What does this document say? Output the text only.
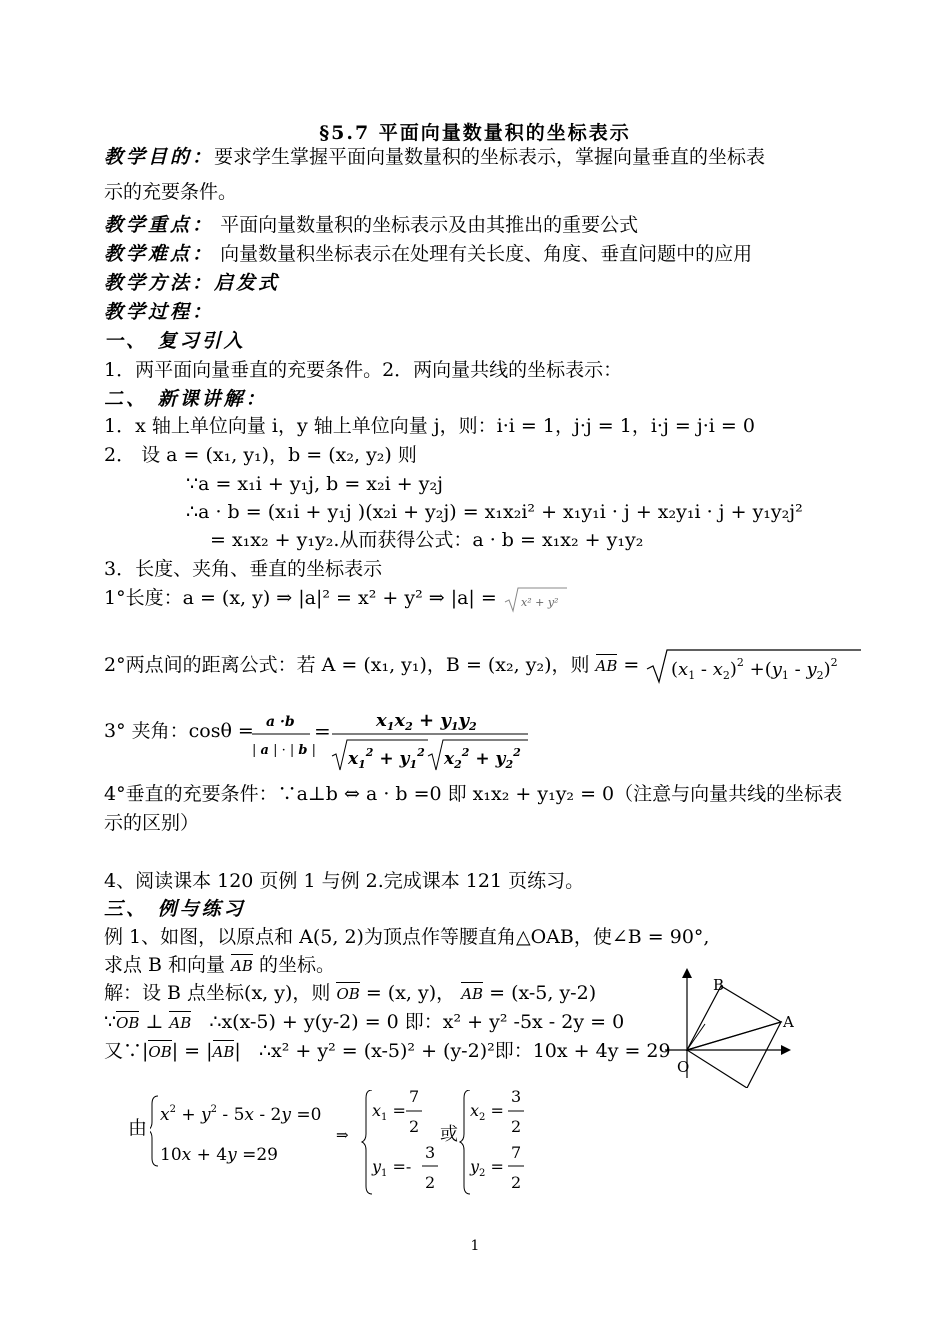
§5.7 平面向量数量积的坐标表示
教学目的：要求学生掌握平面向量数量积的坐标表示，掌握向量垂直的坐标表
示的充要条件。
教学重点： 平面向量数量积的坐标表示及由其推出的重要公式
教学难点： 向量数量积坐标表示在处理有关长度、角度、垂直问题中的应用
教学方法：启发式
教学过程：
一、 复习引入
1．两平面向量垂直的充要条件。2．两向量共线的坐标表示：
二、 新课讲解：
1．x 轴上单位向量 i，y 轴上单位向量 j，则：i·i = 1，j·j = 1，i·j = j·i = 0
2． 设 a = (x₁, y₁)，b = (x₂, y₂) 则
∵a = x₁i + y₁j, b = x₂i + y₂j
∴a · b = (x₁i + y₁j )(x₂i + y₂j) = x₁x₂i² + x₁y₁i · j + x₂y₁i · j + y₁y₂j²
= x₁x₂ + y₁y₂.从而获得公式：a · b = x₁x₂ + y₁y₂
3．长度、夹角、垂直的坐标表示
1°长度：a = (x, y) ⇒ |a|² = x² + y² ⇒ |a| = x² + y²
2°两点间的距离公式：若 A = (x₁, y₁)，B = (x₂, y₂)，则 AB = $(x_1 - x_2)^2 +(y_1 - y_2)^2$
3° 夹角：cosθ = a ·b
| a | · | b |
=	$x_1x_2 + y_1y_2$
$x_1^2 + y_1^2$ $x_2^2 + y_2^2$
4°垂直的充要条件：∵a⊥b ⇔ a · b =0 即 x₁x₂ + y₁y₂ = 0（注意与向量共线的坐标表
示的区别）
4、阅读课本 120 页例 1 与例 2.完成课本 121 页练习。
三、 例与练习
例 1、如图，以原点和 A(5, 2)为顶点作等腰直角△OAB，使∠B = 90°,
求点 B 和向量 AB 的坐标。
解：设 B 点坐标(x, y)，则 OB = (x, y)， AB = (x-5, y-2)
∵OB ⊥ AB ∴x(x-5) + y(y-2) = 0 即：x² + y² -5x - 2y = 0
又∵|OB| = |AB|   ∴x² + y² = (x-5)² + (y-2)²即：10x + 4y = 29
由
$x^2 + y^2 - 5x - 2y =0$
10x + 4y =29
⇒
$x_1$ =
7
2
$y_1$ =-
3
2
或
$x_2$ =
3
2
$y_2$ =
7
2
B
A
O
1
